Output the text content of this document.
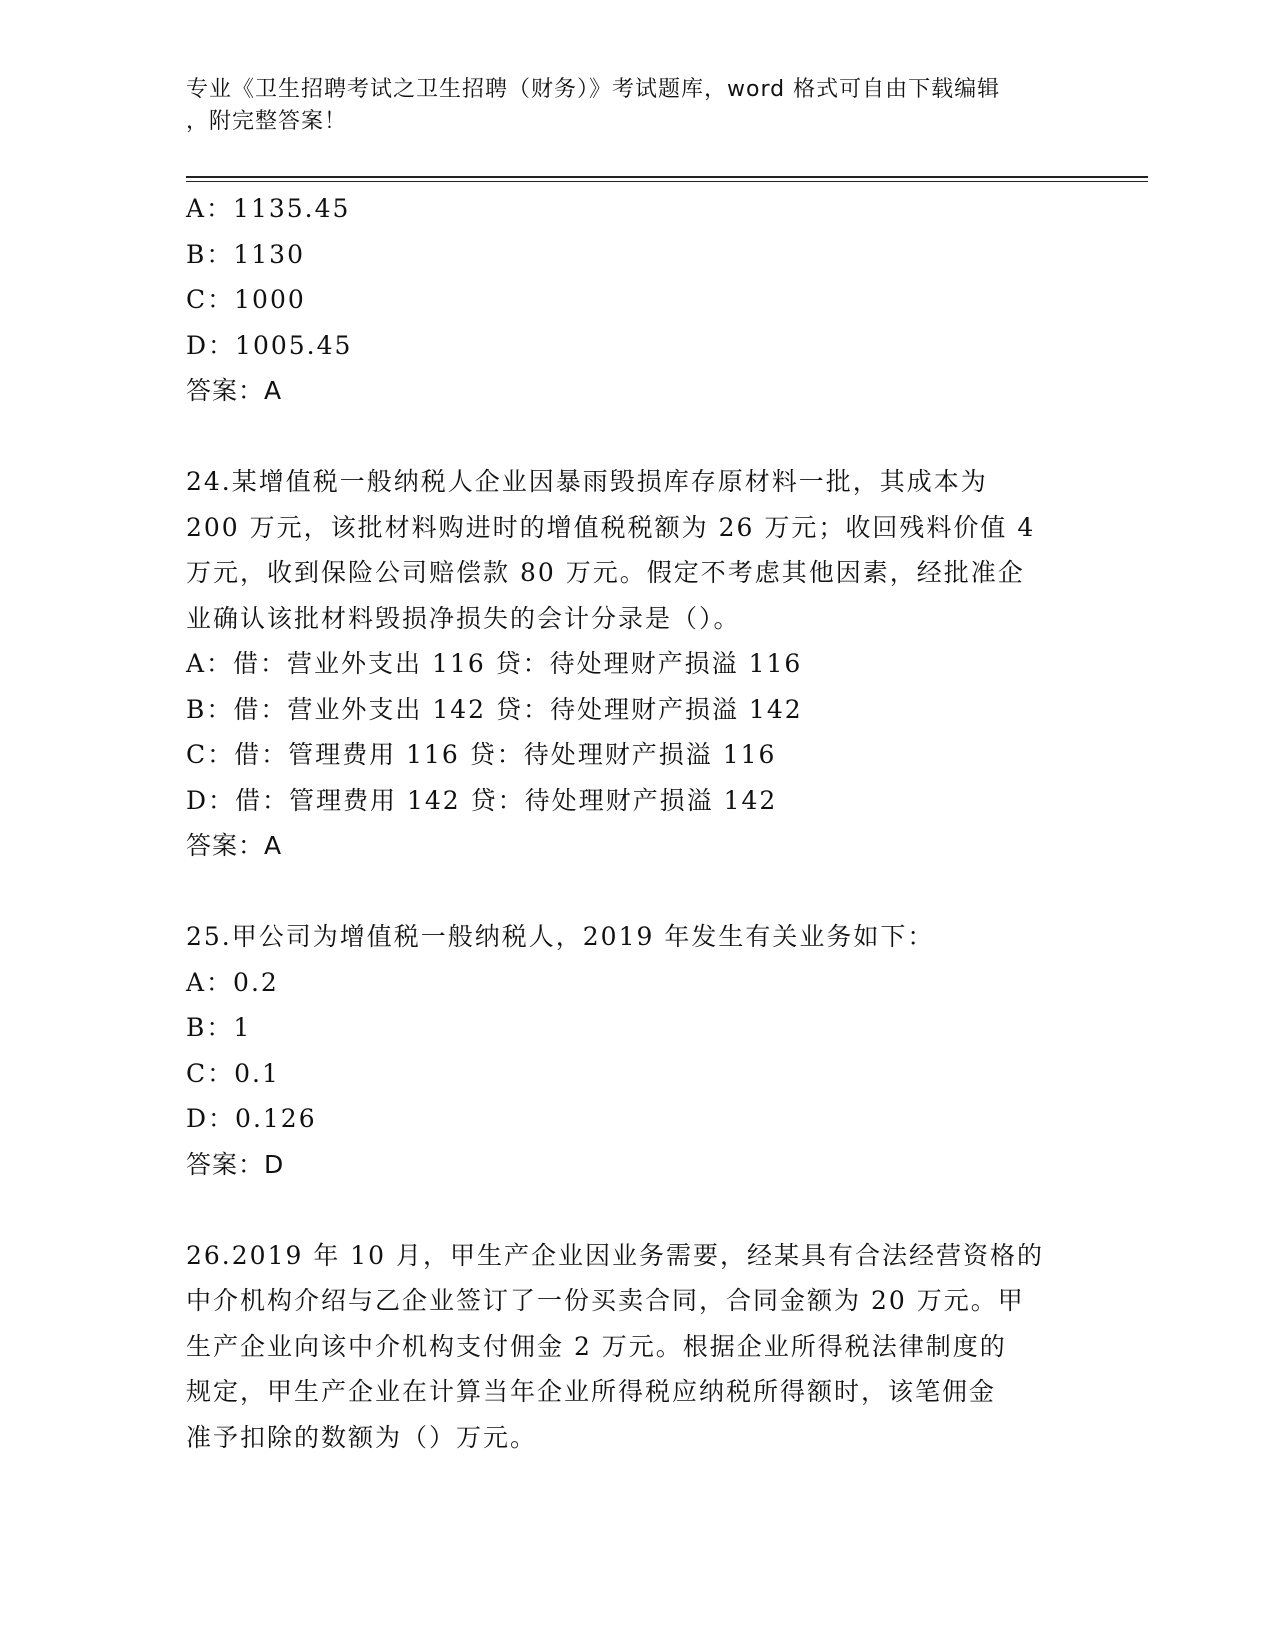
专业《卫生招聘考试之卫生招聘（财务）》考试题库，word 格式可自由下载编辑
，附完整答案！
A：1135.45
B：1130
C：1000
D：1005.45
答案：A
24.某增值税一般纳税人企业因暴雨毁损库存原材料一批，其成本为
200 万元，该批材料购进时的增值税税额为 26 万元；收回残料价值 4
万元，收到保险公司赔偿款 80 万元。假定不考虑其他因素，经批准企
业确认该批材料毁损净损失的会计分录是（）。
A：借：营业外支出 116 贷：待处理财产损溢 116
B：借：营业外支出 142 贷：待处理财产损溢 142
C：借：管理费用 116 贷：待处理财产损溢 116
D：借：管理费用 142 贷：待处理财产损溢 142
答案：A
25.甲公司为增值税一般纳税人，2019 年发生有关业务如下：
A：0.2
B：1
C：0.1
D：0.126
答案：D
26.2019 年 10 月，甲生产企业因业务需要，经某具有合法经营资格的
中介机构介绍与乙企业签订了一份买卖合同，合同金额为 20 万元。甲
生产企业向该中介机构支付佣金 2 万元。根据企业所得税法律制度的
规定，甲生产企业在计算当年企业所得税应纳税所得额时，该笔佣金
准予扣除的数额为（）万元。
